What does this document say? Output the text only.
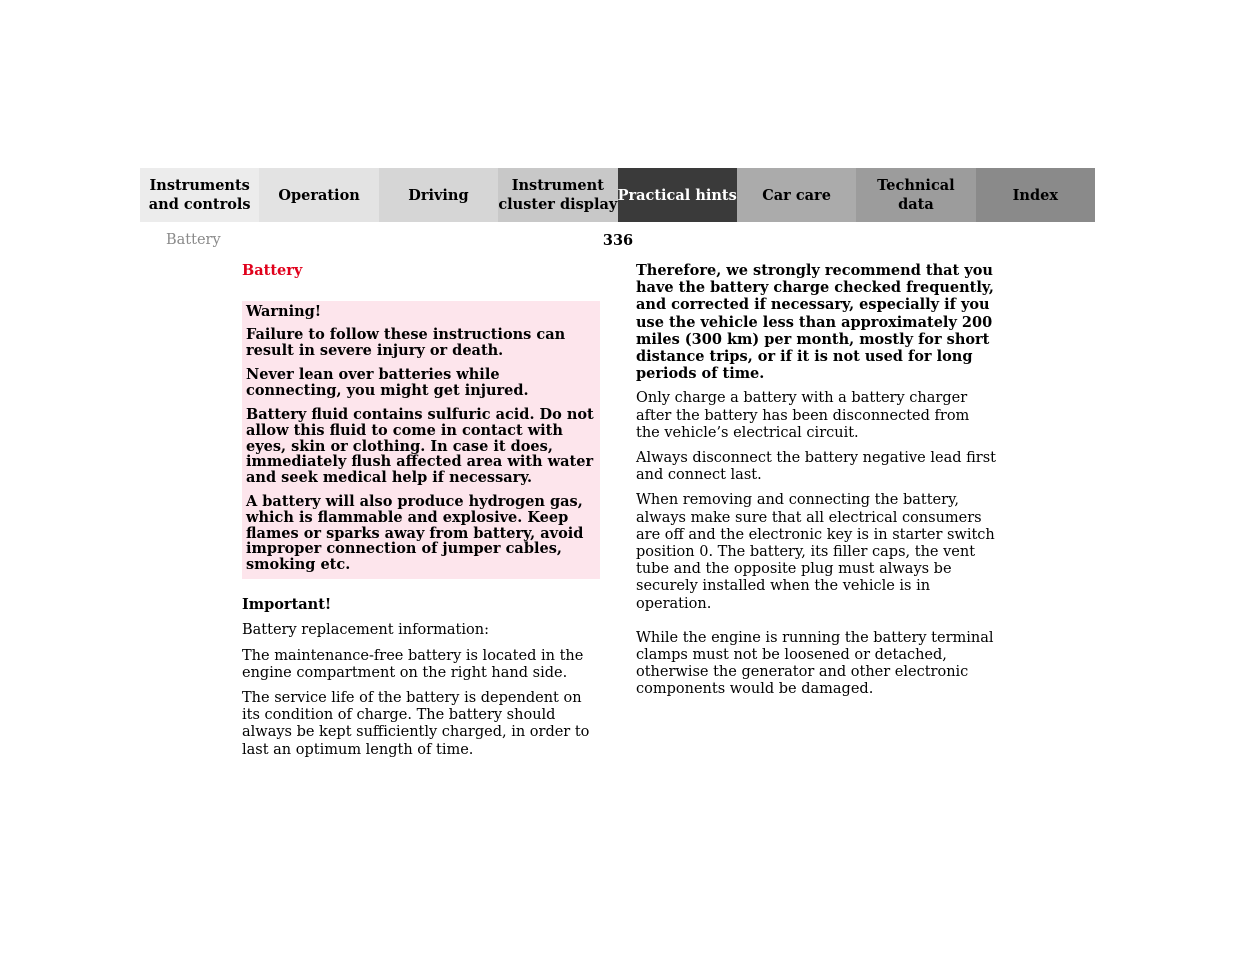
Instruments
and controls
Operation	Driving
Instrument
cluster display
Practical hints	Car care
Technical
data
Index
Battery	336
Battery

Warning!

Failure to follow these instructions can result in severe injury or death.

Never lean over batteries while connecting, you might get injured.

Battery fluid contains sulfuric acid. Do not allow this fluid to come in contact with eyes, skin or clothing. In case it does, immediately flush affected area with water and seek medical help if necessary.

A battery will also produce hydrogen gas, which is flammable and explosive. Keep flames or sparks away from battery, avoid improper connection of jumper cables, smoking etc.

Important!

Battery replacement information:

The maintenance-free battery is located in the engine compartment on the right hand side.

The service life of the battery is dependent on its condition of charge. The battery should always be kept sufficiently charged, in order to last an optimum length of time.

Therefore, we strongly recommend that you have the battery charge checked frequently, and corrected if necessary, especially if you use the vehicle less than approximately 200 miles (300 km) per month, mostly for short distance trips, or if it is not used for long periods of time.

Only charge a battery with a battery charger after the battery has been disconnected from the vehicle’s electrical circuit.

Always disconnect the battery negative lead first and connect last.

When removing and connecting the battery, always make sure that all electrical consumers are off and the electronic key is in starter switch position 0. The battery, its filler caps, the vent tube and the opposite plug must always be securely installed when the vehicle is in operation.

While the engine is running the battery terminal clamps must not be loosened or detached, otherwise the generator and other electronic components would be damaged.
